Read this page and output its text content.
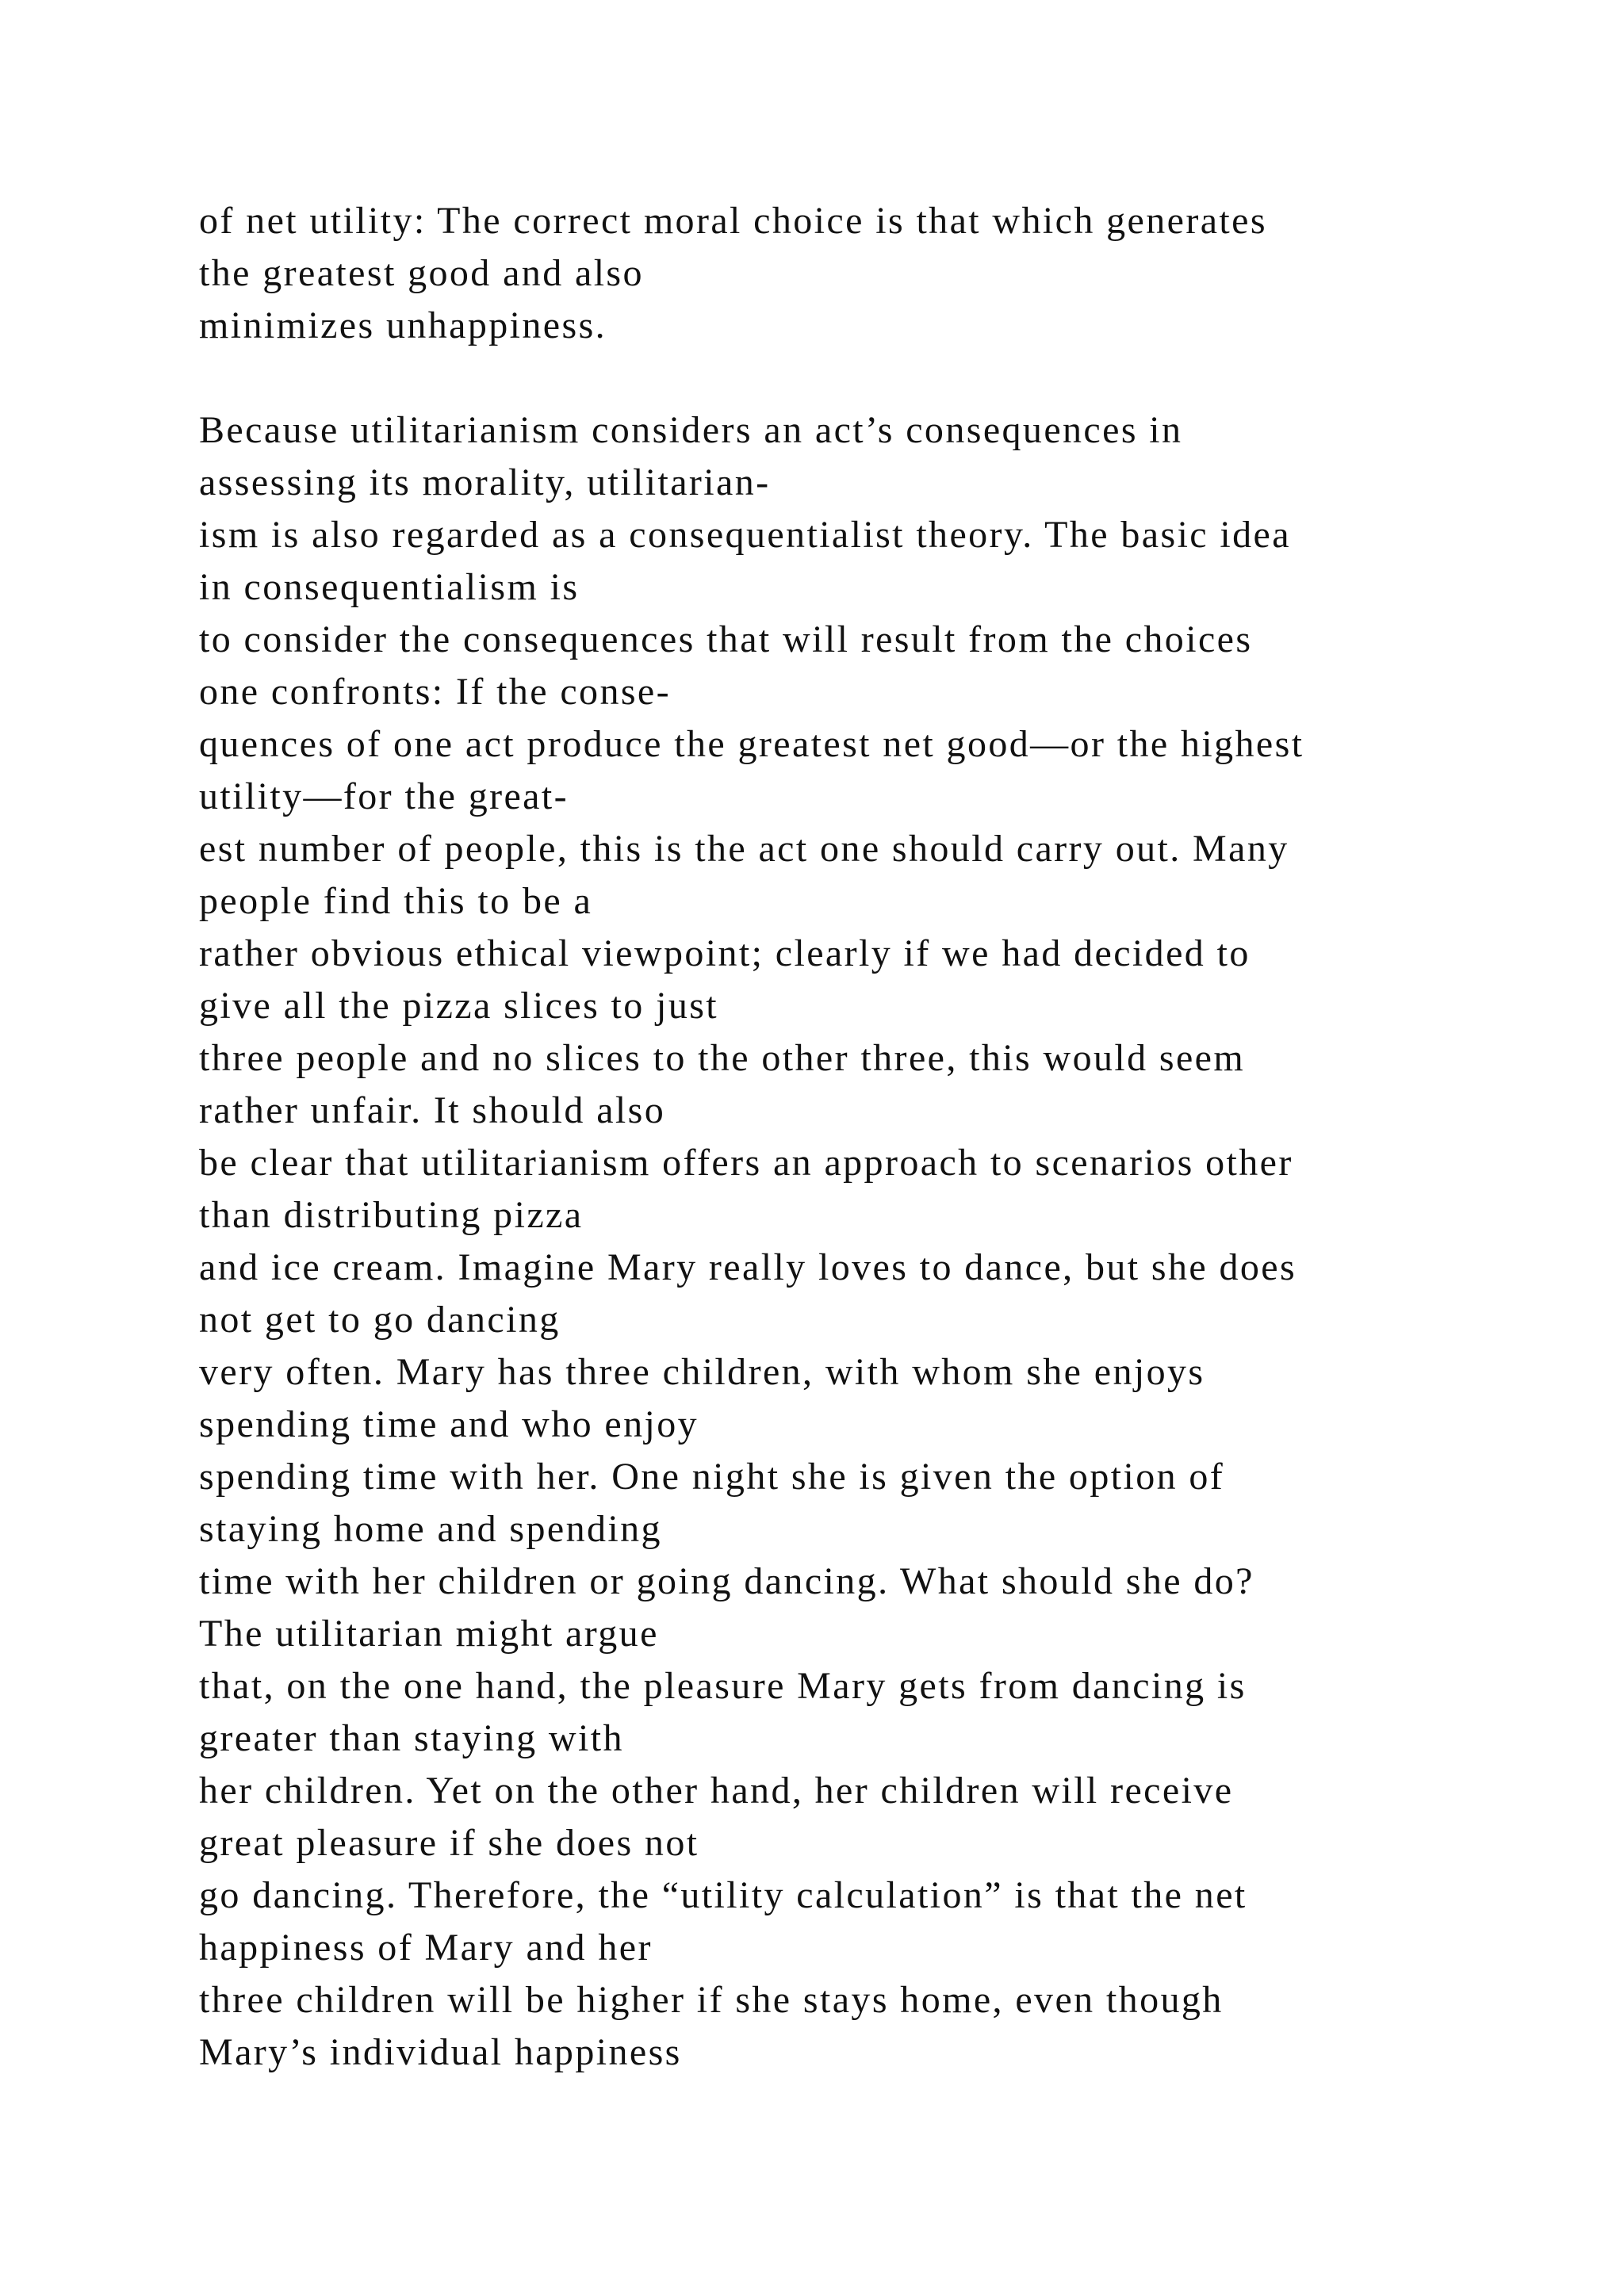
of net utility: The correct moral choice is that which generates
the greatest good and also
minimizes unhappiness.
Because utilitarianism considers an act’s consequences in
assessing its morality, utilitarian-
ism is also regarded as a consequentialist theory. The basic idea
in consequentialism is
to consider the consequences that will result from the choices
one confronts: If the conse-
quences of one act produce the greatest net good—or the highest
utility—for the great-
est number of people, this is the act one should carry out. Many
people find this to be a
rather obvious ethical viewpoint; clearly if we had decided to
give all the pizza slices to just
three people and no slices to the other three, this would seem
rather unfair. It should also
be clear that utilitarianism offers an approach to scenarios other
than distributing pizza
and ice cream. Imagine Mary really loves to dance, but she does
not get to go dancing
very often. Mary has three children, with whom she enjoys
spending time and who enjoy
spending time with her. One night she is given the option of
staying home and spending
time with her children or going dancing. What should she do?
The utilitarian might argue
that, on the one hand, the pleasure Mary gets from dancing is
greater than staying with
her children. Yet on the other hand, her children will receive
great pleasure if she does not
go dancing. Therefore, the “utility calculation” is that the net
happiness of Mary and her
three children will be higher if she stays home, even though
Mary’s individual happiness
